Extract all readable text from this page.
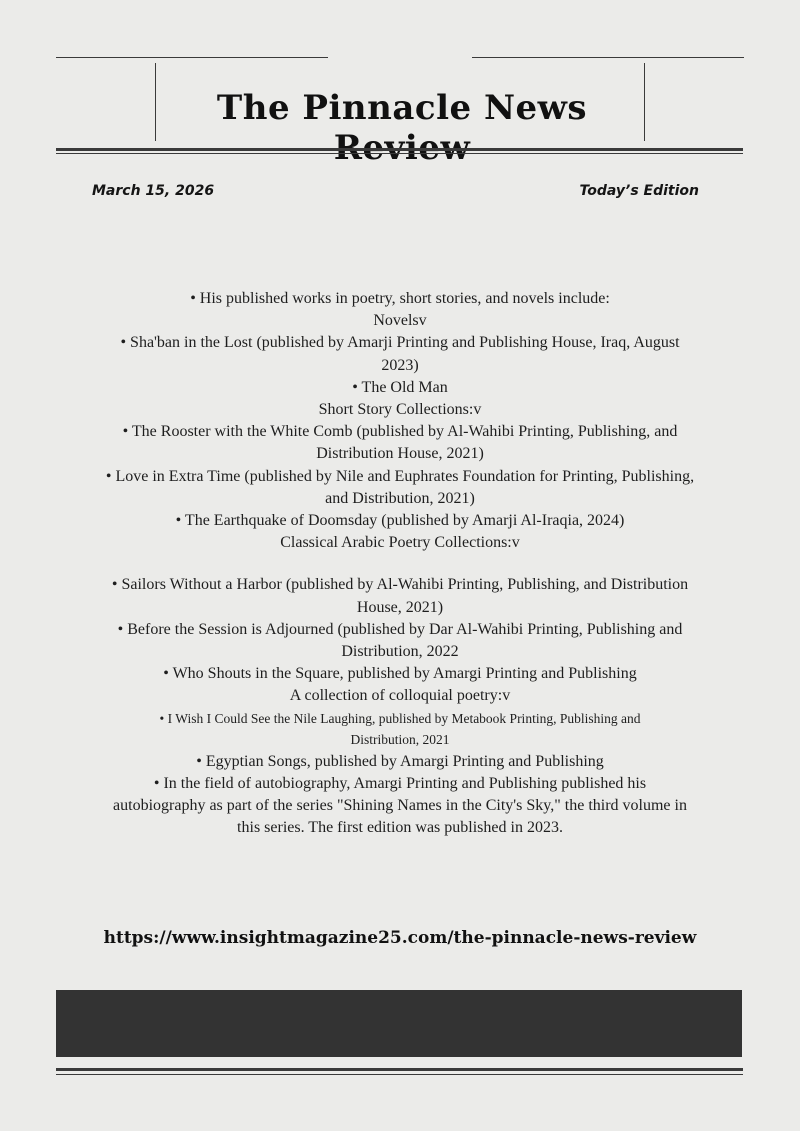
The Pinnacle News
March 15, 2026	Today’s Edition
• His published works in poetry, short stories, and novels include:
Novelsv
• Sha'ban in the Lost (published by Amarji Printing and Publishing House, Iraq, August
2023)
• The Old Man
Short Story Collections:v
• The Rooster with the White Comb (published by Al-Wahibi Printing, Publishing, and
Distribution House, 2021)
• Love in Extra Time (published by Nile and Euphrates Foundation for Printing, Publishing,
and Distribution, 2021)
• The Earthquake of Doomsday (published by Amarji Al-Iraqia, 2024)
Classical Arabic Poetry Collections:v
• Sailors Without a Harbor (published by Al-Wahibi Printing, Publishing, and Distribution
House, 2021)
• Before the Session is Adjourned (published by Dar Al-Wahibi Printing, Publishing and
Distribution, 2022
• Who Shouts in the Square, published by Amargi Printing and Publishing
A collection of colloquial poetry:v
• I Wish I Could See the Nile Laughing, published by Metabook Printing, Publishing and
Distribution, 2021
• Egyptian Songs, published by Amargi Printing and Publishing
• In the field of autobiography, Amargi Printing and Publishing published his
autobiography as part of the series "Shining Names in the City's Sky," the third volume in
this series. The first edition was published in 2023.
https://www.insightmagazine25.com/the-pinnacle-news-review
